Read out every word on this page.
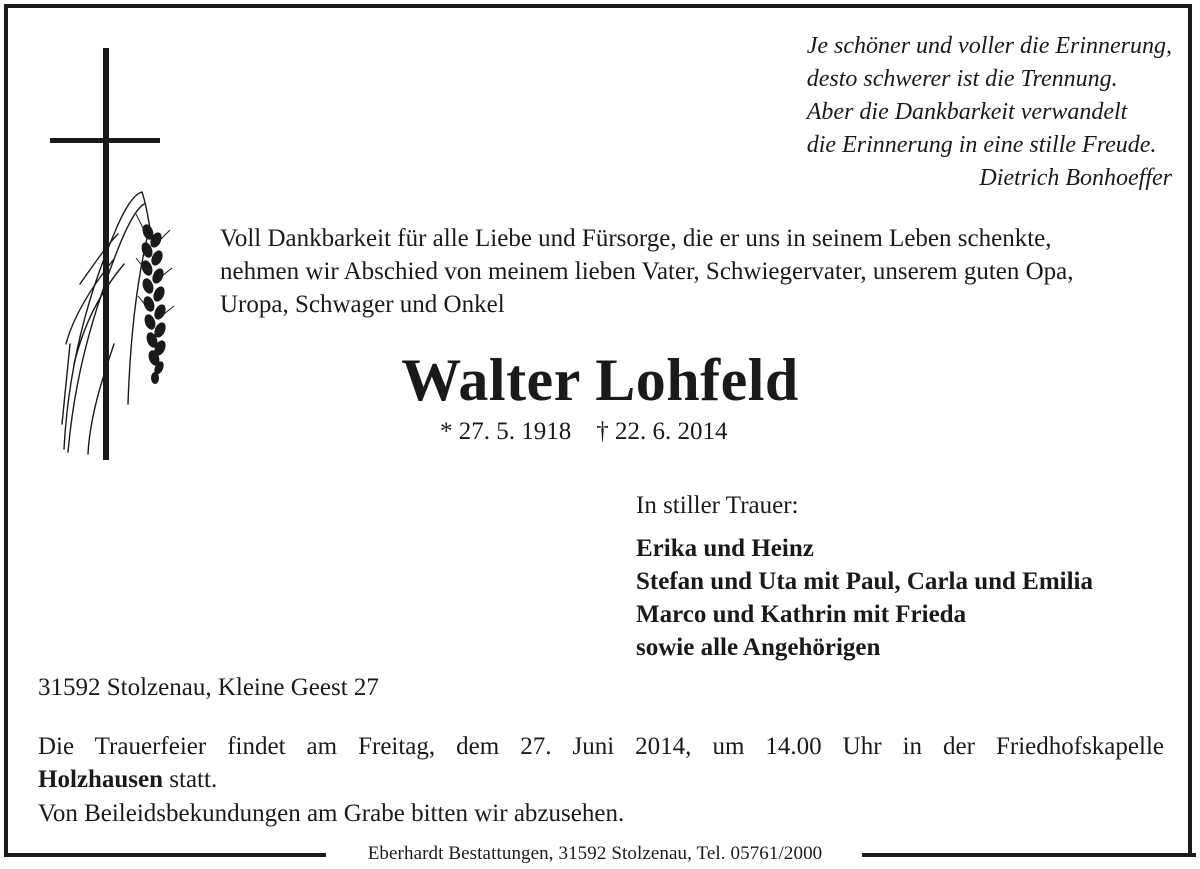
Eberhardt Bestattungen, 31592 Stolzenau, Tel. 05761/2000
Je schöner und voller die Erinnerung,
desto schwerer ist die Trennung.
Aber die Dankbarkeit verwandelt
die Erinnerung in eine stille Freude.
Dietrich Bonhoeffer
Voll Dankbarkeit für alle Liebe und Fürsorge, die er uns in seinem Leben schenkte,
nehmen wir Abschied von meinem lieben Vater, Schwiegervater, unserem guten Opa,
Uropa, Schwager und Onkel
Walter Lohfeld
* 27. 5. 1918    † 22. 6. 2014
In stiller Trauer:
Erika und Heinz
Stefan und Uta mit Paul, Carla und Emilia
Marco und Kathrin mit Frieda
sowie alle Angehörigen
31592 Stolzenau, Kleine Geest 27
Die Trauerfeier findet am Freitag, dem 27. Juni 2014, um 14.00 Uhr in der Friedhofskapelle
Holzhausen statt.
Von Beileidsbekundungen am Grabe bitten wir abzusehen.
